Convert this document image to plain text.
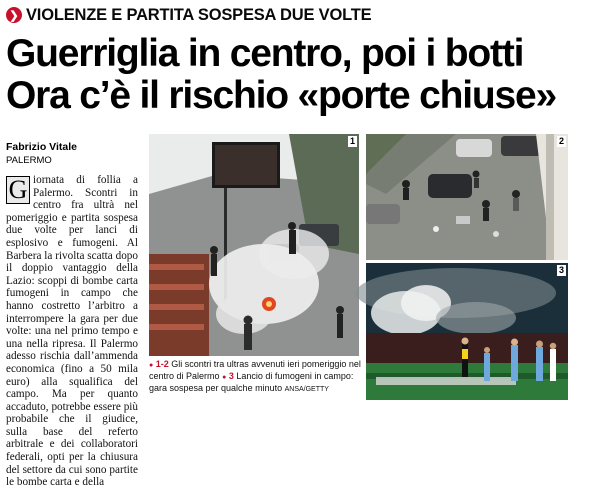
❯ VIOLENZE E PARTITA SOSPESA DUE VOLTE
Guerriglia in centro, poi i botti
Ora c’è il rischio «porte chiuse»
Fabrizio Vitale
PALERMO
G iornata di follia a Palermo. Scontri in centro fra ultrà nel pomeriggio e partita sospesa due volte per lanci di esplosivo e fumogeni. Al Barbera la rivolta scatta dopo il doppio vantaggio della Lazio: scoppi di bombe carta fumogeni in campo che hanno costretto l’arbitro a interrompere la gara per due volte: una nel primo tempo e una nella ripresa. Il Palermo adesso rischia dall’ammenda economica (fino a 50 mila euro) alla squalifica del campo. Ma per quanto accaduto, potrebbe essere più probabile che il giudice, sulla base del referto arbitrale e dei collaboratori federali, opti per la chiusura del settore da cui sono partite le bombe carta e della
1	2
3
● 1-2 Gli scontri tra ultras avvenuti ieri pomeriggio nel centro di Palermo ● 3 Lancio di fumogeni in campo: gara sospesa per qualche minuto ANSA/GETTY
